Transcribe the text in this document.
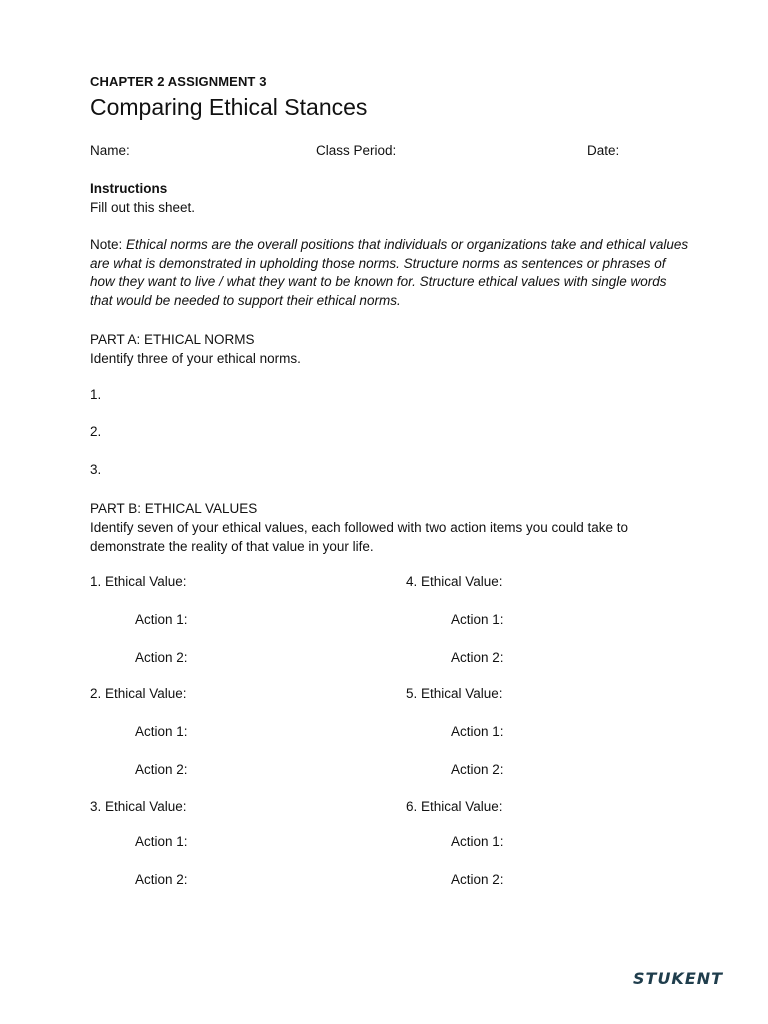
CHAPTER 2 ASSIGNMENT 3
Comparing Ethical Stances
Name:	Class Period:	Date:
Instructions
Fill out this sheet.
Note: Ethical norms are the overall positions that individuals or organizations take and ethical values are what is demonstrated in upholding those norms. Structure norms as sentences or phrases of how they want to live / what they want to be known for. Structure ethical values with single words that would be needed to support their ethical norms.
PART A: ETHICAL NORMS
Identify three of your ethical norms.
1.
2.
3.
PART B: ETHICAL VALUES
Identify seven of your ethical values, each followed with two action items you could take to demonstrate the reality of that value in your life.
1. Ethical Value:
Action 1:
Action 2:
2. Ethical Value:
Action 1:
Action 2:
3. Ethical Value:
Action 1:
Action 2:
4. Ethical Value:
Action 1:
Action 2:
5. Ethical Value:
Action 1:
Action 2:
6. Ethical Value:
Action 1:
Action 2:
STUKENT
